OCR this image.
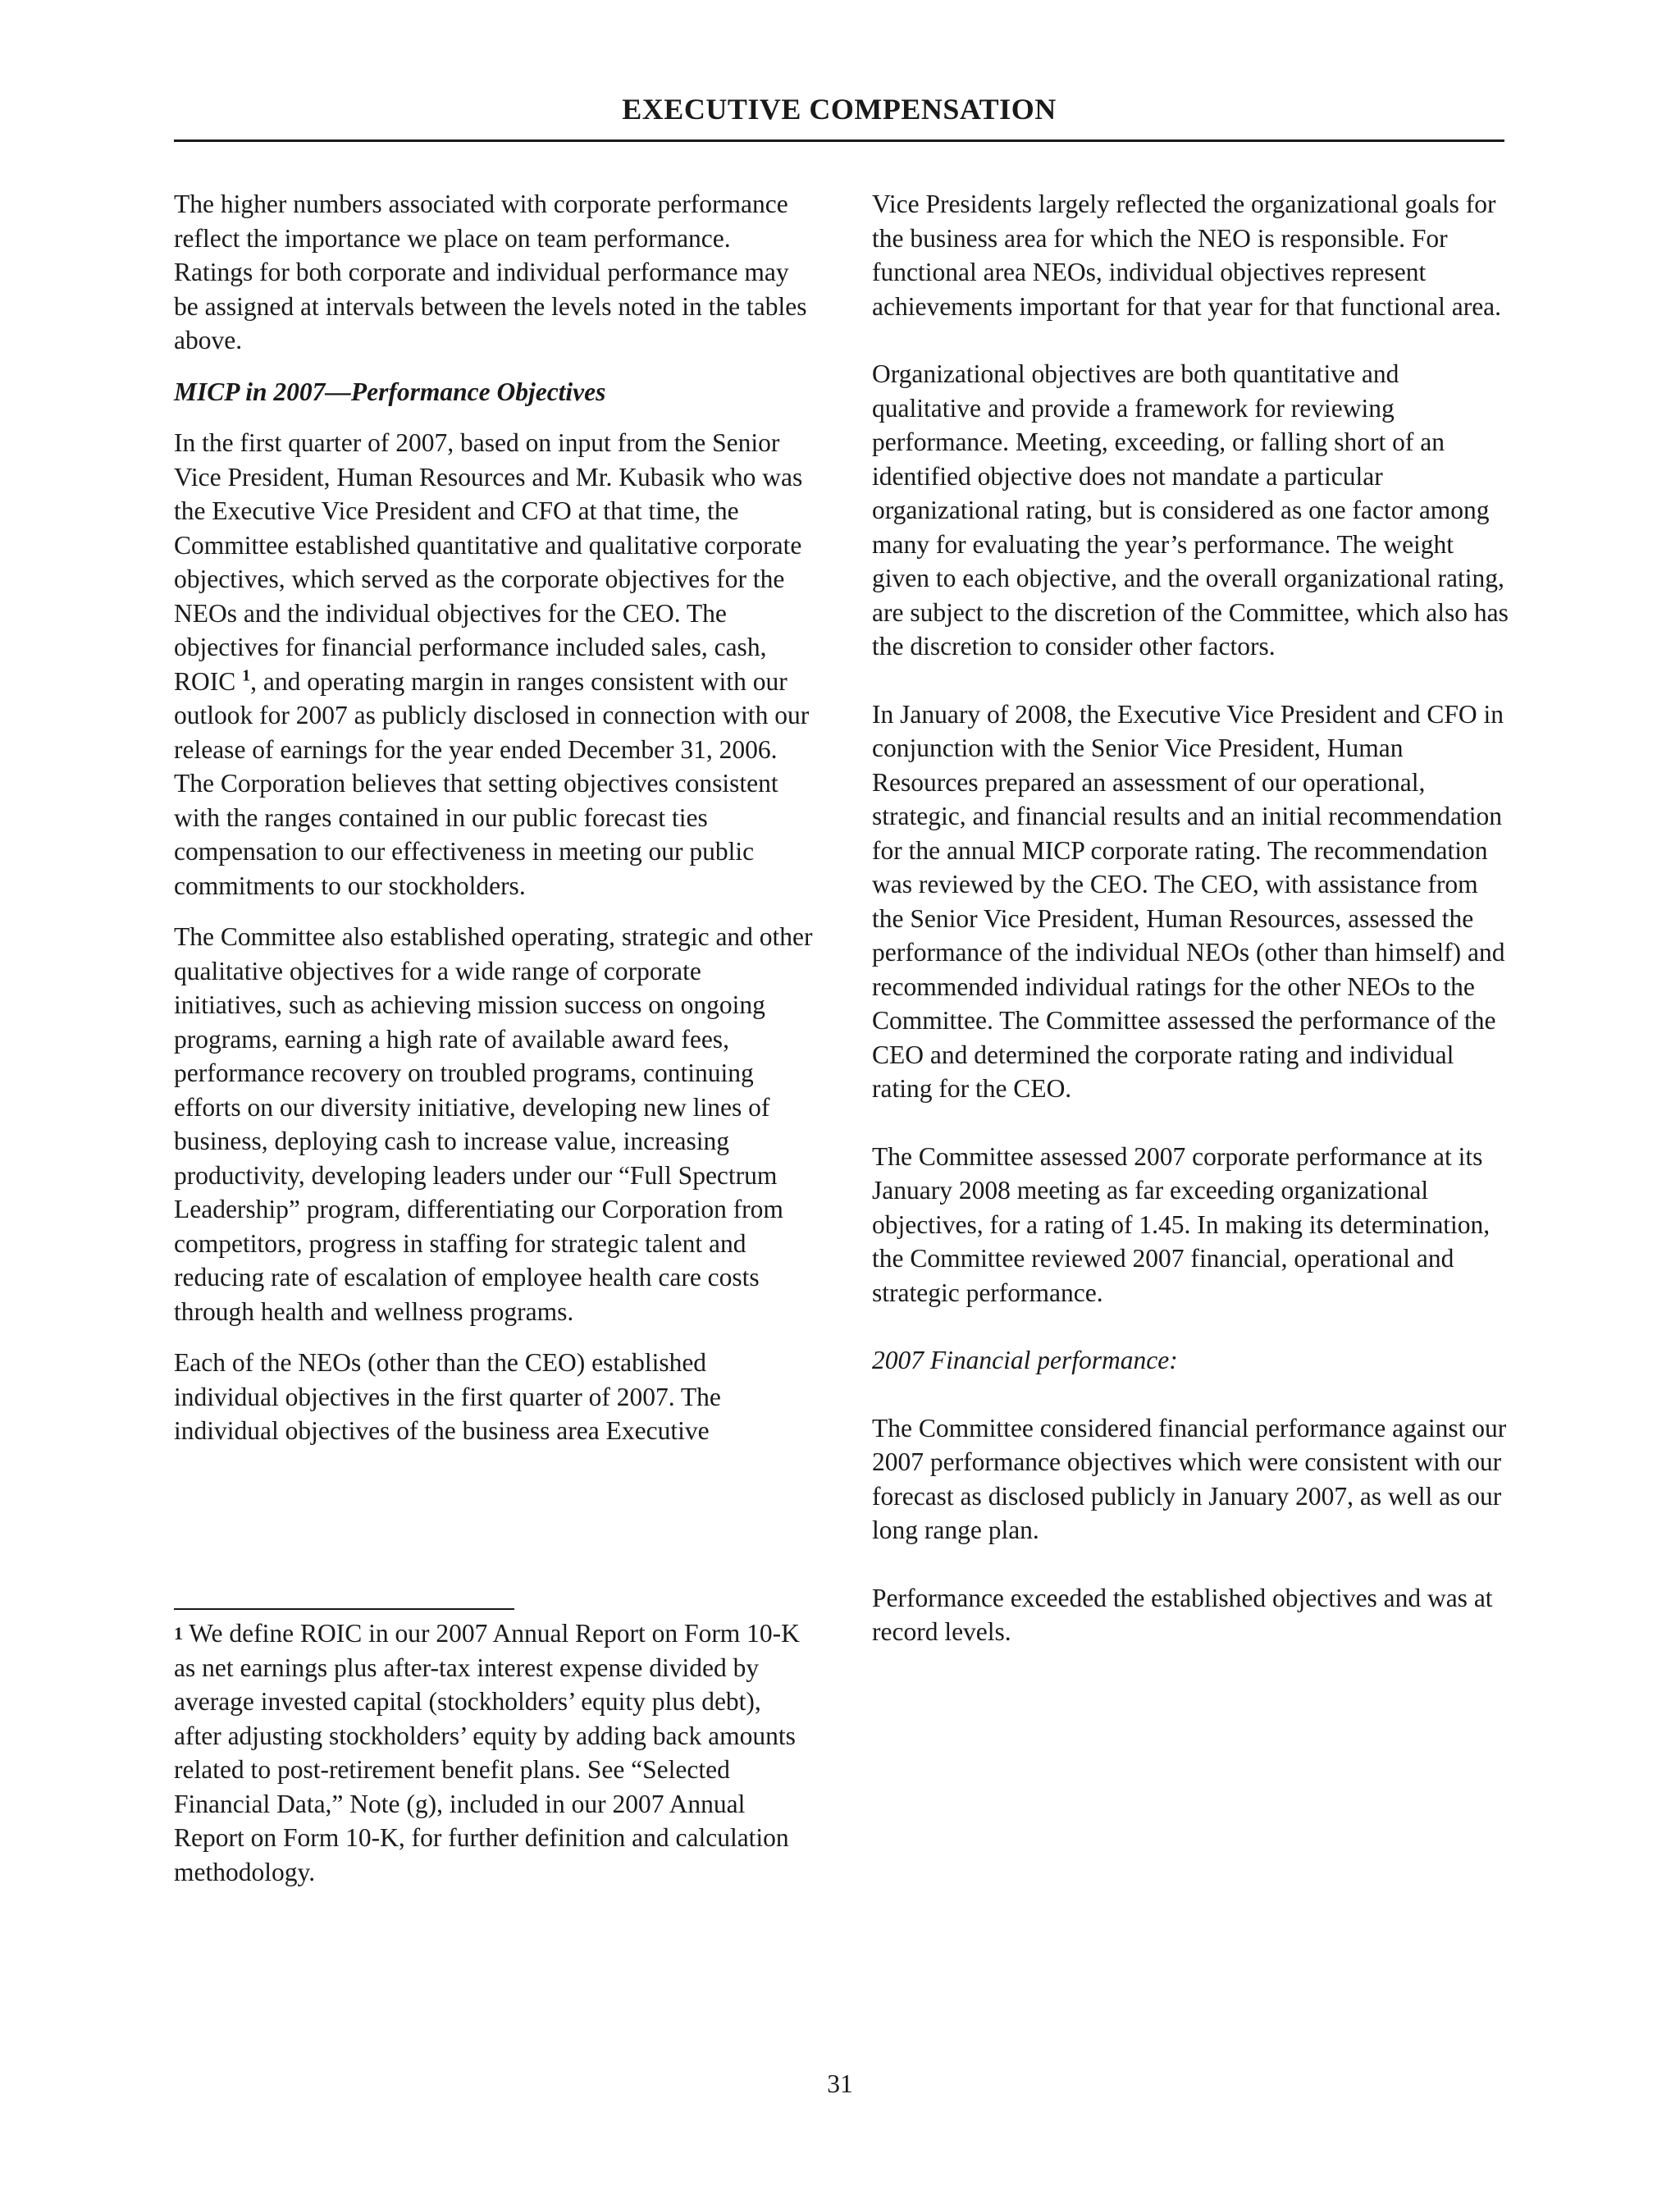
EXECUTIVE COMPENSATION

The higher numbers associated with corporate performance reflect the importance we place on team performance. Ratings for both corporate and individual performance may be assigned at intervals between the levels noted in the tables above.

MICP in 2007—Performance Objectives

In the first quarter of 2007, based on input from the Senior Vice President, Human Resources and Mr. Kubasik who was the Executive Vice President and CFO at that time, the Committee established quantitative and qualitative corporate objectives, which served as the corporate objectives for the NEOs and the individual objectives for the CEO. The objectives for financial performance included sales, cash, ROIC $^1$, and operating margin in ranges consistent with our outlook for 2007 as publicly disclosed in connection with our release of earnings for the year ended December 31, 2006. The Corporation believes that setting objectives consistent with the ranges contained in our public forecast ties compensation to our effectiveness in meeting our public commitments to our stockholders.

The Committee also established operating, strategic and other qualitative objectives for a wide range of corporate initiatives, such as achieving mission success on ongoing programs, earning a high rate of available award fees, performance recovery on troubled programs, continuing efforts on our diversity initiative, developing new lines of business, deploying cash to increase value, increasing productivity, developing leaders under our “Full Spectrum Leadership” program, differentiating our Corporation from competitors, progress in staffing for strategic talent and reducing rate of escalation of employee health care costs through health and wellness programs.

Each of the NEOs (other than the CEO) established individual objectives in the first quarter of 2007. The individual objectives of the business area Executive

$^1$ We define ROIC in our 2007 Annual Report on Form 10-K as net earnings plus after-tax interest expense divided by average invested capital (stockholders’ equity plus debt), after adjusting stockholders’ equity by adding back amounts related to post-retirement benefit plans. See “Selected Financial Data,” Note (g), included in our 2007 Annual Report on Form 10-K, for further definition and calculation methodology.

Vice Presidents largely reflected the organizational goals for the business area for which the NEO is responsible. For functional area NEOs, individual objectives represent achievements important for that year for that functional area.

Organizational objectives are both quantitative and qualitative and provide a framework for reviewing performance. Meeting, exceeding, or falling short of an identified objective does not mandate a particular organizational rating, but is considered as one factor among many for evaluating the year’s performance. The weight given to each objective, and the overall organizational rating, are subject to the discretion of the Committee, which also has the discretion to consider other factors.

In January of 2008, the Executive Vice President and CFO in conjunction with the Senior Vice President, Human Resources prepared an assessment of our operational, strategic, and financial results and an initial recommendation for the annual MICP corporate rating. The recommendation was reviewed by the CEO. The CEO, with assistance from the Senior Vice President, Human Resources, assessed the performance of the individual NEOs (other than himself) and recommended individual ratings for the other NEOs to the Committee. The Committee assessed the performance of the CEO and determined the corporate rating and individual rating for the CEO.

The Committee assessed 2007 corporate performance at its January 2008 meeting as far exceeding organizational objectives, for a rating of 1.45. In making its determination, the Committee reviewed 2007 financial, operational and strategic performance.

2007 Financial performance:

The Committee considered financial performance against our 2007 performance objectives which were consistent with our forecast as disclosed publicly in January 2007, as well as our long range plan.

Performance exceeded the established objectives and was at record levels.

31
